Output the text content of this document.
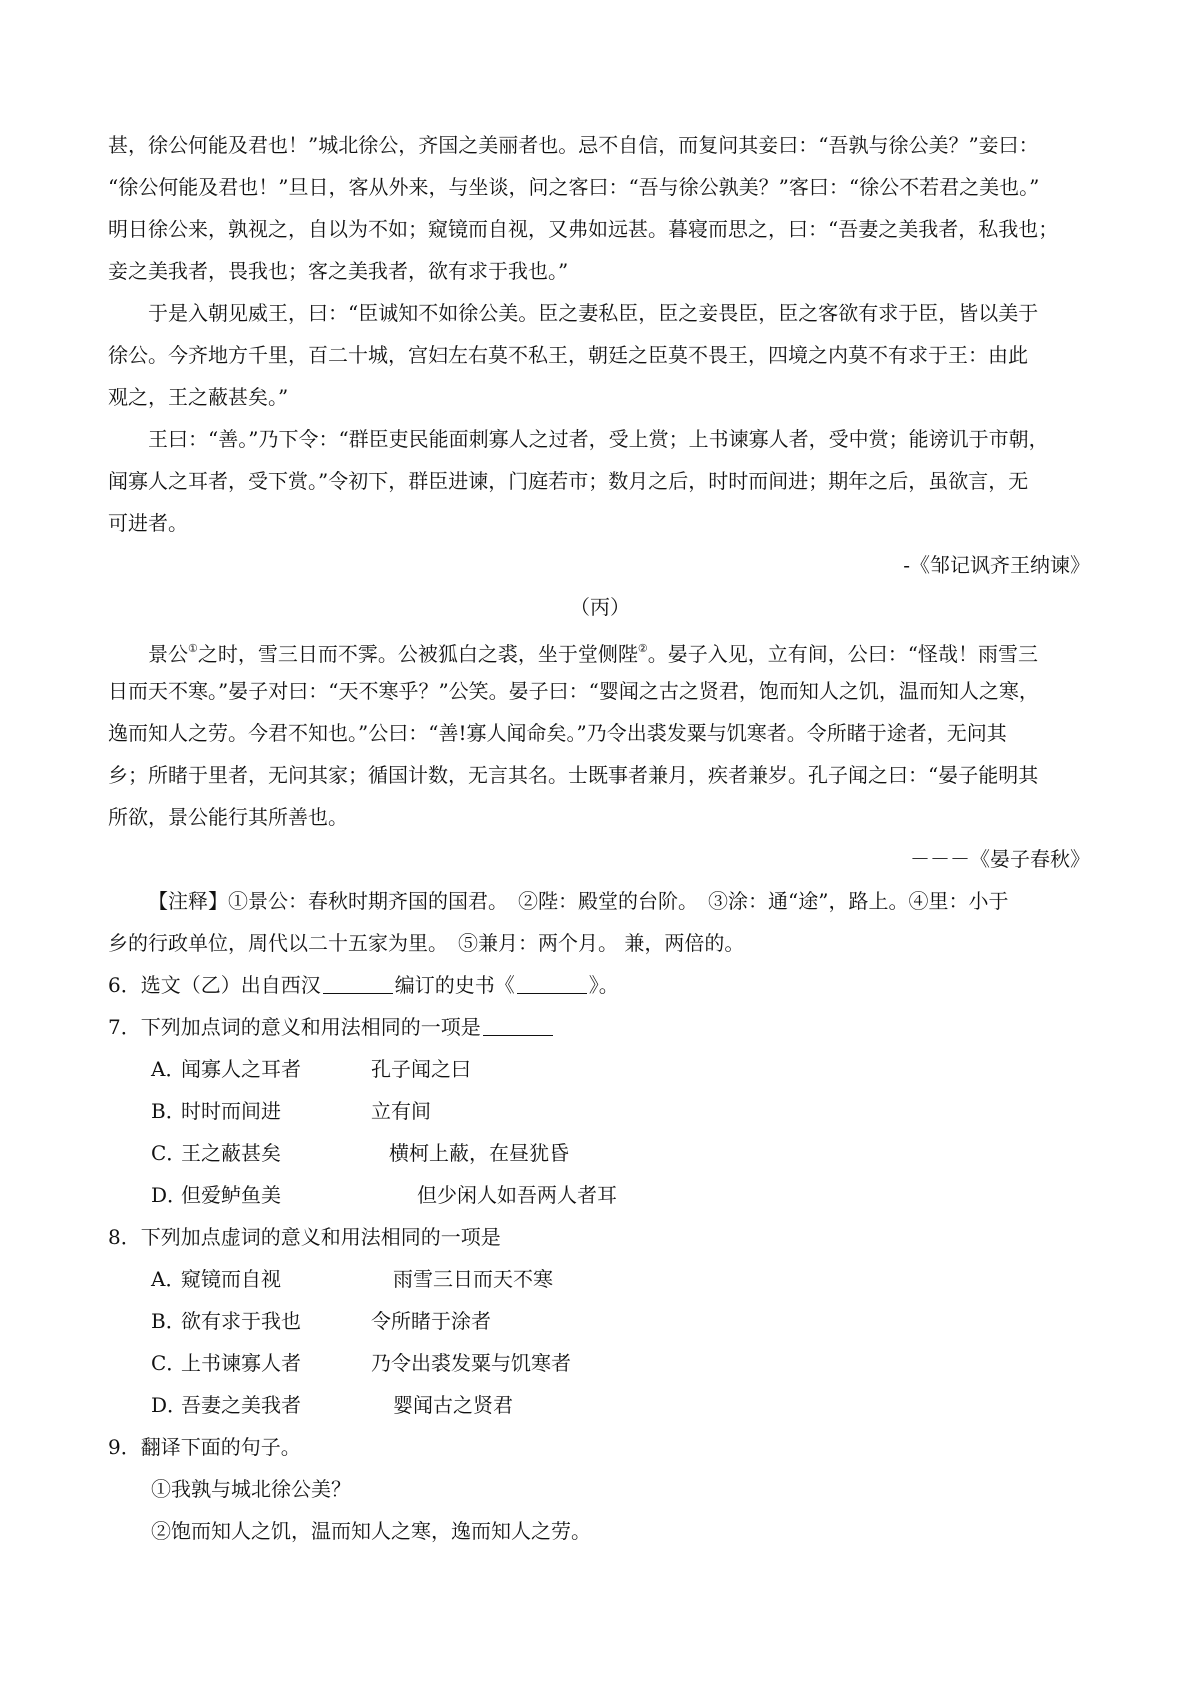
甚，徐公何能及君也！”城北徐公，齐国之美丽者也。忌不自信，而复问其妾曰：“吾孰与徐公美？”妾曰：
“徐公何能及君也！”旦日，客从外来，与坐谈，问之客曰：“吾与徐公孰美？”客曰：“徐公不若君之美也。”
明日徐公来，孰视之，自以为不如；窥镜而自视，又弗如远甚。暮寝而思之，曰：“吾妻之美我者，私我也；
妾之美我者，畏我也；客之美我者，欲有求于我也。”
于是入朝见威王，曰：“臣诚知不如徐公美。臣之妻私臣，臣之妾畏臣，臣之客欲有求于臣，皆以美于
徐公。今齐地方千里，百二十城，宫妇左右莫不私王，朝廷之臣莫不畏王，四境之内莫不有求于王：由此
观之，王之蔽甚矣。”
王曰：“善。”乃下令：“群臣吏民能面刺寡人之过者，受上赏；上书谏寡人者，受中赏；能谤讥于市朝，
闻寡人之耳者，受下赏。”令初下，群臣进谏，门庭若市；数月之后，时时而间进；期年之后，虽欲言，无
可进者。
-《邹记讽齐王纳谏》
（丙）
景公①之时，雪三日而不霁。公被狐白之裘，坐于堂侧陛②。晏子入见，立有间，公曰：“怪哉！雨雪三
日而天不寒。”晏子对曰：“天不寒乎？”公笑。晏子曰：“婴闻之古之贤君，饱而知人之饥，温而知人之寒，
逸而知人之劳。今君不知也。”公曰：“善!寡人闻命矣。”乃令出裘发粟与饥寒者。令所睹于途者，无问其
乡；所睹于里者，无问其家；循国计数，无言其名。士既事者兼月，疾者兼岁。孔子闻之曰：“晏子能明其
所欲，景公能行其所善也。
－－－《晏子春秋》
【注释】①景公：春秋时期齐国的国君。　②陛：殿堂的台阶。　③涂：通“途”，路上。④里：小于
乡的行政单位，周代以二十五家为里。　⑤兼月：两个月。 兼，两倍的。
6．选文（乙）出自西汉	编订的史书《	》。
7．下列加点词的意义和用法相同的一项是
A．闻寡人之耳者	孔子闻之曰
B．时时而间进	立有间
C．王之蔽甚矣	横柯上蔽，在昼犹昏
D．但爱鲈鱼美	但少闲人如吾两人者耳
8．下列加点虚词的意义和用法相同的一项是
A．窥镜而自视	雨雪三日而天不寒
B．欲有求于我也	令所睹于涂者
C．上书谏寡人者	乃令出裘发粟与饥寒者
D．吾妻之美我者	婴闻古之贤君
9．翻译下面的句子。
①我孰与城北徐公美？
②饱而知人之饥，温而知人之寒，逸而知人之劳。
